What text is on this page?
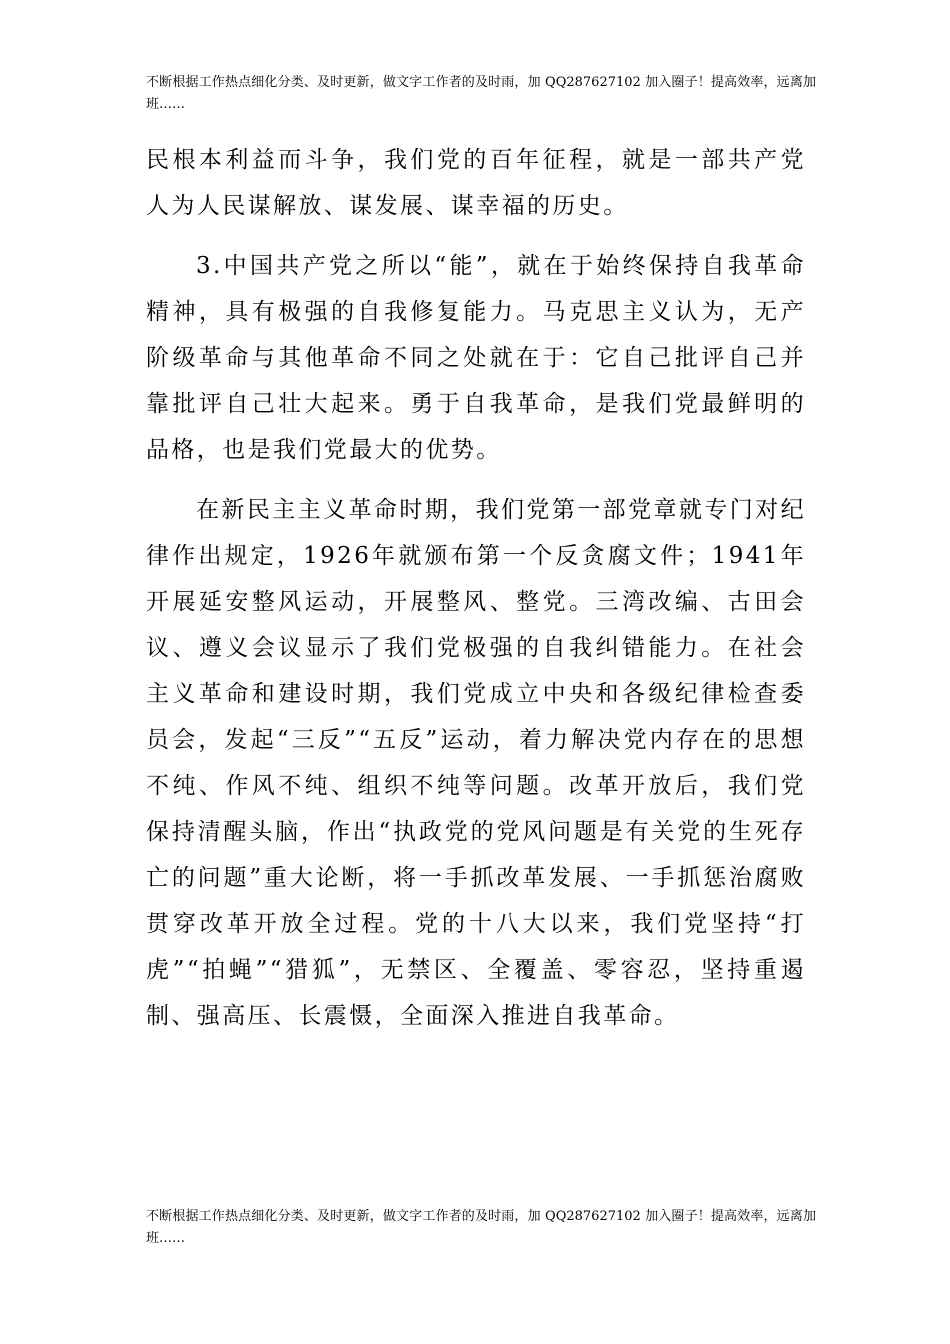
不断根据工作热点细化分类、及时更新，做文字工作者的及时雨，加 QQ287627102 加入圈子！提高效率，远离加班……

民根本利益而斗争，我们党的百年征程，就是一部共产党人为人民谋解放、谋发展、谋幸福的历史。

3.中国共产党之所以“能”，就在于始终保持自我革命精神，具有极强的自我修复能力。马克思主义认为，无产阶级革命与其他革命不同之处就在于：它自己批评自己并靠批评自己壮大起来。勇于自我革命，是我们党最鲜明的品格，也是我们党最大的优势。

在新民主主义革命时期，我们党第一部党章就专门对纪律作出规定，1926年就颁布第一个反贪腐文件；1941年开展延安整风运动，开展整风、整党。三湾改编、古田会议、遵义会议显示了我们党极强的自我纠错能力。在社会主义革命和建设时期，我们党成立中央和各级纪律检查委员会，发起“三反”“五反”运动，着力解决党内存在的思想不纯、作风不纯、组织不纯等问题。改革开放后，我们党保持清醒头脑，作出“执政党的党风问题是有关党的生死存亡的问题”重大论断，将一手抓改革发展、一手抓惩治腐败贯穿改革开放全过程。党的十八大以来，我们党坚持“打虎”“拍蝇”“猎狐”，无禁区、全覆盖、零容忍，坚持重遏制、强高压、长震慑，全面深入推进自我革命。

不断根据工作热点细化分类、及时更新，做文字工作者的及时雨，加 QQ287627102 加入圈子！提高效率，远离加班……
